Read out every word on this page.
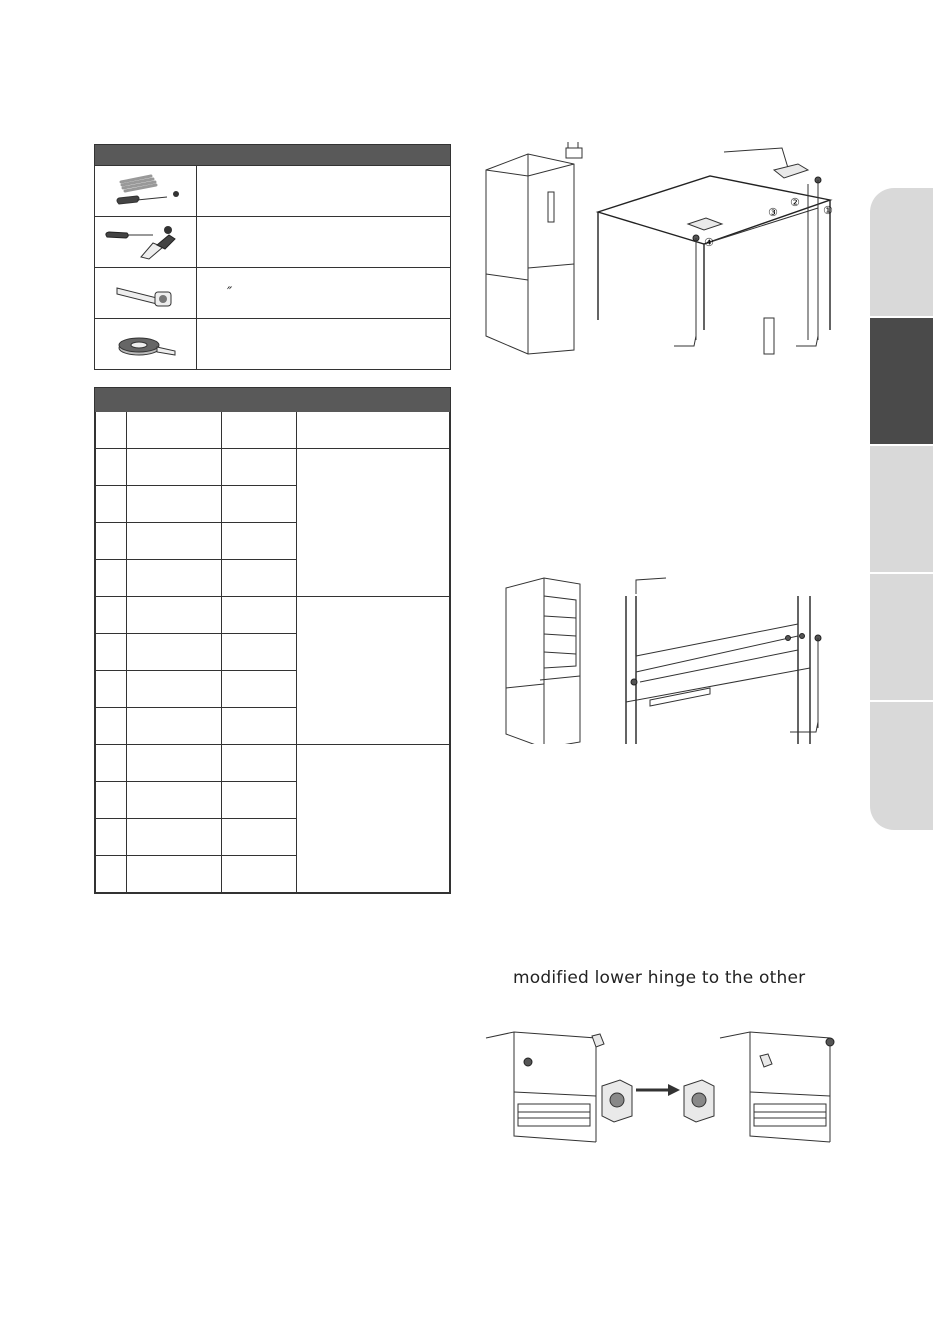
″

①
②
③
④
modified lower hinge to the other
